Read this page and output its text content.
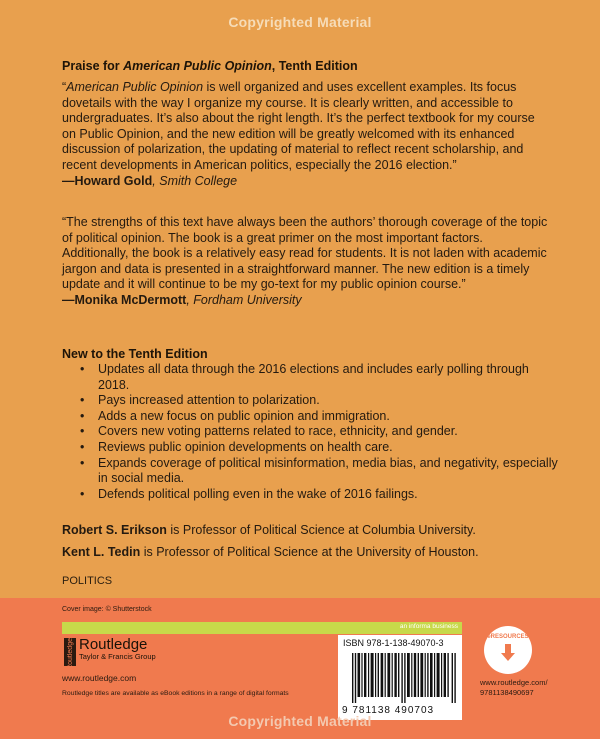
Copyrighted Material
Praise for American Public Opinion, Tenth Edition
“American Public Opinion is well organized and uses excellent examples. Its focus dovetails with the way I organize my course. It is clearly written, and accessible to undergraduates. It’s also about the right length. It’s the perfect textbook for my course on Public Opinion, and the new edition will be greatly welcomed with its enhanced discussion of polarization, the updating of material to reflect recent scholarship, and recent developments in American politics, especially the 2016 election.”
—Howard Gold, Smith College
“The strengths of this text have always been the authors’ thorough coverage of the topic of political opinion. The book is a great primer on the most important factors. Additionally, the book is a relatively easy read for students. It is not laden with academic jargon and data is presented in a straightforward manner. The new edition is a timely update and it will continue to be my go-text for my public opinion course.”
—Monika McDermott, Fordham University
New to the Tenth Edition
• Updates all data through the 2016 elections and includes early polling through 2018.
• Pays increased attention to polarization.
• Adds a new focus on public opinion and immigration.
• Covers new voting patterns related to race, ethnicity, and gender.
• Reviews public opinion developments on health care.
• Expands coverage of political misinformation, media bias, and negativity, especially in social media.
• Defends political polling even in the wake of 2016 failings.
Robert S. Erikson is Professor of Political Science at Columbia University.
Kent L. Tedin is Professor of Political Science at the University of Houston.
POLITICS
Cover image: © Shutterstock
an informa business
Routledge Routledge
Taylor & Francis Group
www.routledge.com
Routledge titles are available as eBook editions in a range of digital formats
ISBN 978-1-138-49070-3
9 781138 490703
eRESOURCES
www.routledge.com/
9781138490697
Copyrighted Material
